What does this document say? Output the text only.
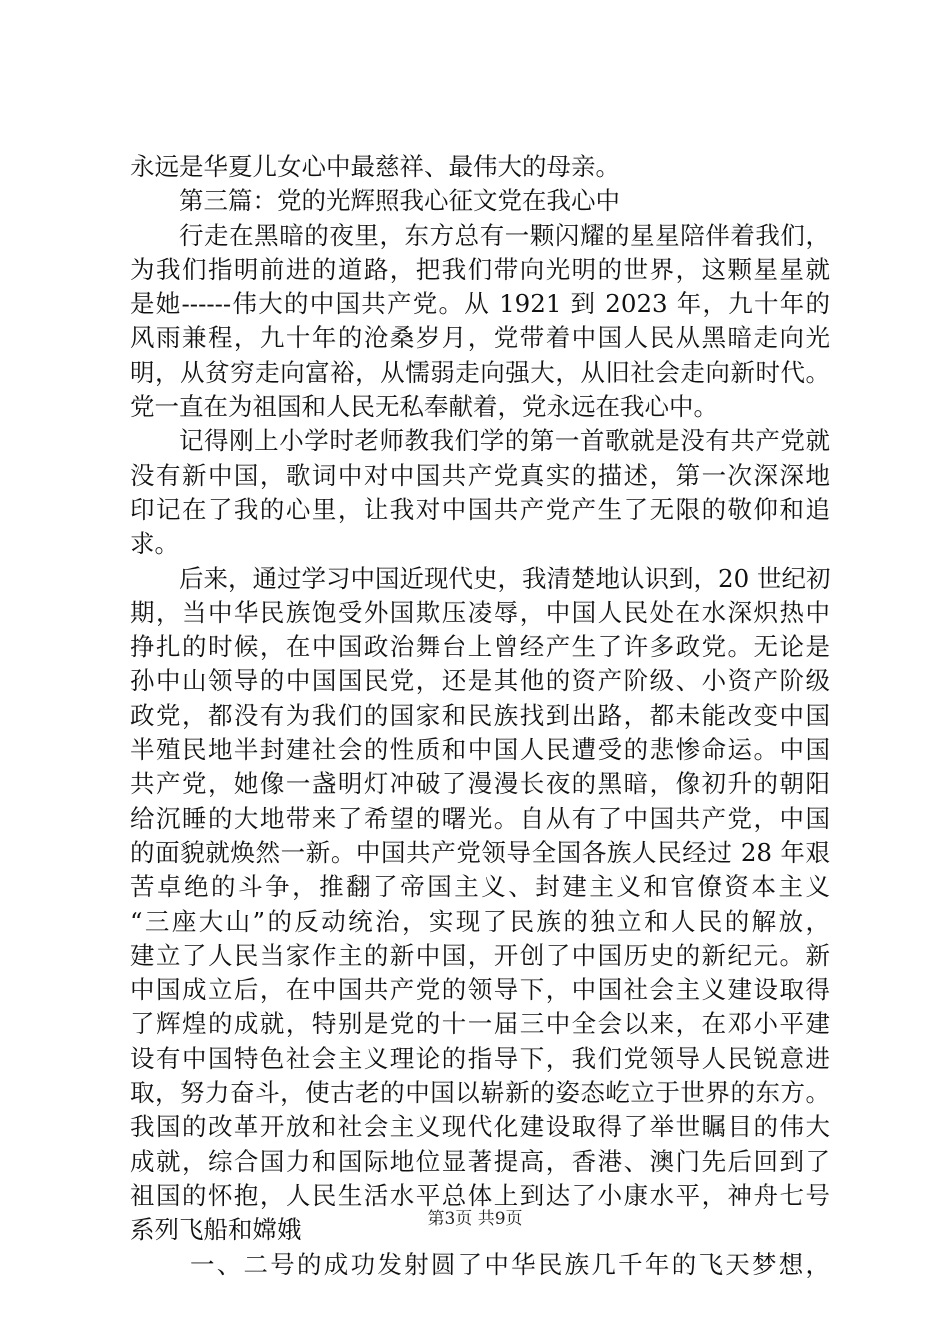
永远是华夏儿女心中最慈祥、最伟大的母亲。
第三篇：党的光辉照我心征文党在我心中
行走在黑暗的夜里，东方总有一颗闪耀的星星陪伴着我们，
为我们指明前进的道路，把我们带向光明的世界，这颗星星就
是她------伟大的中国共产党。从 1921 到 2023 年，九十年的
风雨兼程，九十年的沧桑岁月，党带着中国人民从黑暗走向光
明，从贫穷走向富裕，从懦弱走向强大，从旧社会走向新时代。
党一直在为祖国和人民无私奉献着，党永远在我心中。
记得刚上小学时老师教我们学的第一首歌就是没有共产党就
没有新中国，歌词中对中国共产党真实的描述，第一次深深地
印记在了我的心里，让我对中国共产党产生了无限的敬仰和追
求。
后来，通过学习中国近现代史，我清楚地认识到，20 世纪初
期，当中华民族饱受外国欺压凌辱，中国人民处在水深炽热中
挣扎的时候，在中国政治舞台上曾经产生了许多政党。无论是
孙中山领导的中国国民党，还是其他的资产阶级、小资产阶级
政党，都没有为我们的国家和民族找到出路，都未能改变中国
半殖民地半封建社会的性质和中国人民遭受的悲惨命运。中国
共产党，她像一盏明灯冲破了漫漫长夜的黑暗，像初升的朝阳
给沉睡的大地带来了希望的曙光。自从有了中国共产党，中国
的面貌就焕然一新。中国共产党领导全国各族人民经过 28 年艰
苦卓绝的斗争，推翻了帝国主义、封建主义和官僚资本主义
“三座大山”的反动统治，实现了民族的独立和人民的解放，
建立了人民当家作主的新中国，开创了中国历史的新纪元。新
中国成立后，在中国共产党的领导下，中国社会主义建设取得
了辉煌的成就，特别是党的十一届三中全会以来，在邓小平建
设有中国特色社会主义理论的指导下，我们党领导人民锐意进
取，努力奋斗，使古老的中国以崭新的姿态屹立于世界的东方。
我国的改革开放和社会主义现代化建设取得了举世瞩目的伟大
成就，综合国力和国际地位显著提高，香港、澳门先后回到了
祖国的怀抱，人民生活水平总体上到达了小康水平，神舟七号
系列飞船和嫦娥
一、二号的成功发射圆了中华民族几千年的飞天梦想，
第3页 共9页
